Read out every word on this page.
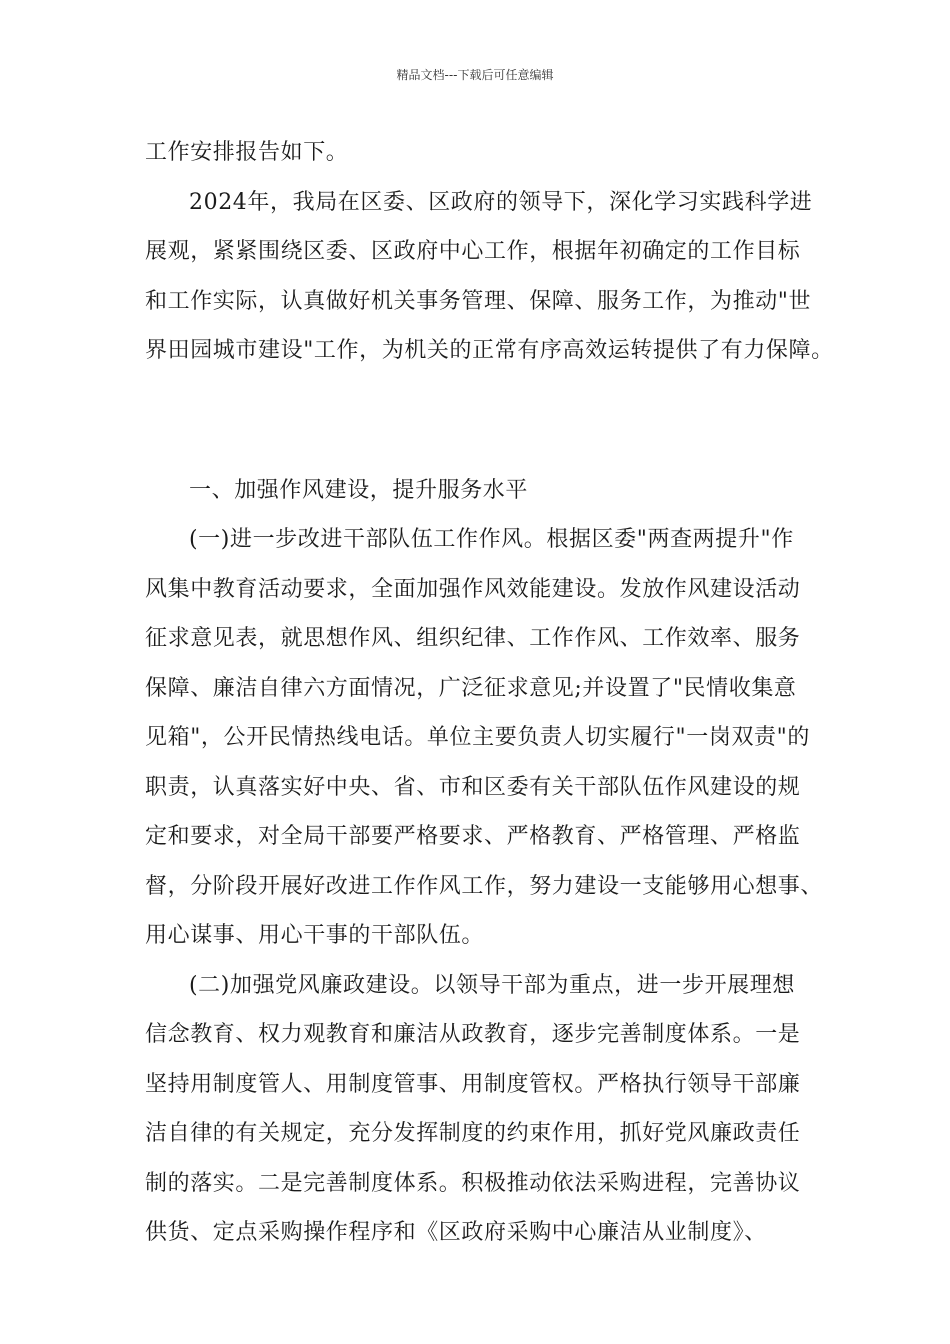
精品文档---下载后可任意编辑
工作安排报告如下。
2024年，我局在区委、区政府的领导下，深化学习实践科学进
展观，紧紧围绕区委、区政府中心工作，根据年初确定的工作目标
和工作实际，认真做好机关事务管理、保障、服务工作，为推动"世
界田园城市建设"工作，为机关的正常有序高效运转提供了有力保障。
一、加强作风建设，提升服务水平
(一)进一步改进干部队伍工作作风。根据区委"两查两提升"作
风集中教育活动要求，全面加强作风效能建设。发放作风建设活动
征求意见表，就思想作风、组织纪律、工作作风、工作效率、服务
保障、廉洁自律六方面情况，广泛征求意见;并设置了"民情收集意
见箱"，公开民情热线电话。单位主要负责人切实履行"一岗双责"的
职责，认真落实好中央、省、市和区委有关干部队伍作风建设的规
定和要求，对全局干部要严格要求、严格教育、严格管理、严格监
督，分阶段开展好改进工作作风工作，努力建设一支能够用心想事、
用心谋事、用心干事的干部队伍。
(二)加强党风廉政建设。以领导干部为重点，进一步开展理想
信念教育、权力观教育和廉洁从政教育，逐步完善制度体系。一是
坚持用制度管人、用制度管事、用制度管权。严格执行领导干部廉
洁自律的有关规定，充分发挥制度的约束作用，抓好党风廉政责任
制的落实。二是完善制度体系。积极推动依法采购进程，完善协议
供货、定点采购操作程序和《区政府采购中心廉洁从业制度》、
